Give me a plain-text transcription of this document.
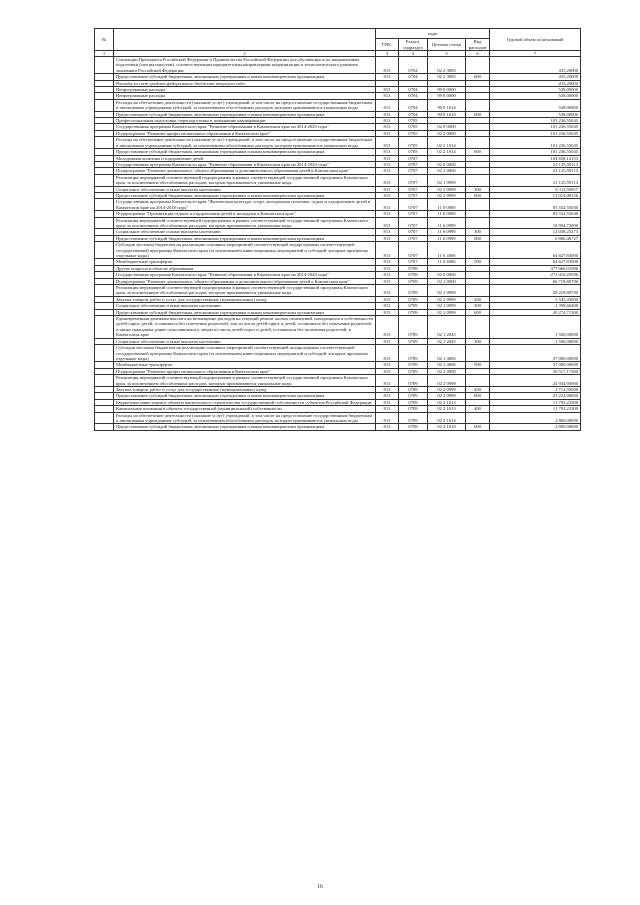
№		коды				Годовой объем ассигнований
		ГРБС	Раздел, подраздел	Целевая статья	Вид расходов	
1	2	3	4	5	6	7
	Стипендии Президента Российской Федерации и Правительства Российской Федерации для обучающихся по направлениям подготовки (специальностям), соответствующим приоритетным направлениям модернизации и технологического развития экономики Российской Федерации	813	0704	02 2 3893		435,20000
	Предоставление субсидий бюджетным, автономным учреждениям и иным некоммерческим организациям	813	0704	02 2 3893	600	435,20000
	Расходы за счет средств федерального бюджета текущего года					435,20000
	Непрограммные расходы	813	0704	99 0 0000		538,00000
	Непрограммные расходы	813	0704	99 0 0000		538,00000
	Расходы на обеспечение деятельности (оказание услуг) учреждений, в том числе на предоставление государственным бюджетным и автономным учреждениям субсидий, за исключением обособленных расходов, которым присваиваются уникальные коды	813	0704	99 0 1014		538,00000
	Предоставление субсидий бюджетным, автономным учреждениям и иным некоммерческим организациям	813	0704	99 0 1014	600	538,00000
	Профессиональная подготовка, переподготовка и повышение квалификации	813	0705			101 236,55045
	Государственная программа Камчатского края "Развитие образования в Камчатском крае на 2014-2020 годы"	813	0705	02 0 0000		101 236,55045
	Подпрограмма "Развитие профессионального образования в Камчатском крае"	813	0705	02 2 0000		101 236,55045
	Расходы на обеспечение деятельности (оказание услуг) учреждений, в том числе на предоставление государственным бюджетным и автономным учреждениям субсидий, за исключением обособленных расходов, которым присваиваются уникальные коды	813	0705	02 2 1014		101 236,55045
	Предоставление субсидий бюджетным, автономным учреждениям и иным некоммерческим организациям	813	0705	02 2 1014	600	101 236,55045
	Молодежная политика и оздоровление детей	813	0707			104 658,14153
	Государственная программа Камчатского края "Развитие образования в Камчатском крае на 2014-2020 годы"	813	0707	02 0 0000		21 125,59113
	Подпрограмма "Развитие дошкольного, общего образования и дополнительного образования детей в Камчатском крае"	813	0707	02 1 0000		21 125,59113
	Реализация мероприятий соответствующей подпрограммы в рамках соответствующей государственной программы Камчатского края, за исключением обособленных расходов, которым присваиваются уникальные коды	813	0707	02 1 0999		21 125,59113
	Социальное обеспечение и иные выплаты населению	813	0707	02 1 0999	300	8 111,50957
	Предоставление субсидий бюджетным, автономным учреждениям и иным некоммерческим организациям	813	0707	02 1 0999	600	13 014,08156
	Государственная программа Камчатского края "Физическая культура, спорт, молодежная политика, отдых и оздоровление детей в Камчатском крае на 2014-2018 годы"	813	0707	11 0 0000		83 532,55040
	Подпрограмма "Организация отдыха и оздоровления детей и молодежи в Камчатском крае"	813	0707	11 6 0000		83 532,55040
	Реализация мероприятий соответствующей подпрограммы в рамках соответствующей государственной программы Камчатского края, за исключением обособленных расходов, которым присваиваются уникальные коды	813	0707	11 6 0999		18 904,72000
	Социальное обеспечение и иные выплаты населению	813	0707	11 6 0999	300	12 038,25273
	Предоставление субсидий бюджетным, автономным учреждениям и иным некоммерческим организациям	813	0707	11 6 0999	600	6 866,46727
	Субсидии местным бюджетам на реализацию основных мероприятий соответствующей подпрограммы соответствующей государственной программы Камчатского края (за исключением инвестиционных мероприятий и субсидий, которым присвоены отдельные коды)	813	0707	11 6 4006		64 627,83000
	Межбюджетные трансферты	813	0707	11 6 4006	500	64 627,83000
	Другие вопросы в области образования	813	0709			377 066,01096
	Государственная программа Камчатского края "Развитие образования в Камчатском крае на 2014-2020 годы"	813	0709	02 0 0000		272 410,20596
	Подпрограмма "Развитие дошкольного, общего образования и дополнительного образования детей в Камчатском крае"	813	0709	02 1 0000		66 718,80700
	Реализация мероприятий соответствующей подпрограммы в рамках соответствующей государственной программы Камчатского края, за исключением обособленных расходов, которым присваиваются уникальные коды	813	0709	02 1 0999		28 218,80700
	Закупка товаров, работ и услуг для государственных (муниципальных) нужд	813	0709	02 1 0999	200	5 545,43000
	Социальное обеспечение и иные выплаты населению	813	0709	02 1 0999	300	2 398,66400
	Предоставление субсидий бюджетным, автономным учреждениям и иным некоммерческим организациям	813	0709	02 1 0999	600	20 274,71300
	Единовременная денежная выплата на возмещение расходов на текущий ремонт жилых помещений, находящихся в собственности детей-сирот, детей, оставшихся без попечения родителей, лиц из числа детей-сирот и детей, оставшихся без попечения родителей, а также гражданам, ранее относившимся к лицам из числа детей-сирот и детей, оставшихся без попечения родителей, в Камчатском крае	813	0709	02 1 2045		1 500,00000
	Социальное обеспечение и иные выплаты населению	813	0709	02 1 2045	300	1 500,00000
	Субсидии местным бюджетам на реализацию основных мероприятий соответствующей подпрограммы соответствующей государственной программы Камчатского края (за исключением инвестиционных мероприятий и субсидий, которым присвоены отдельные коды)	813	0709	02 1 4006		37 000,00000
	Межбюджетные трансферты	813	0709	02 1 4006	500	37 000,00000
	Подпрограмма "Развитие профессионального образования в Камчатском крае"	813	0709	02 2 0000		39 517,17300
	Реализация мероприятий соответствующей подпрограммы в рамках соответствующей государственной программы Камчатского края, за исключением обособленных расходов, которым присваиваются уникальные коды	813	0709	02 2 0999		24 934,95000
	Закупка товаров, работ и услуг для государственных (муниципальных) нужд	813	0709	02 2 0999	200	1 712,95000
	Предоставление субсидий бюджетным, автономным учреждениям и иным некоммерческим организациям	813	0709	02 2 0999	600	23 222,00000
	Бюджетные инвестиции в объекты капитального строительства государственной собственности субъектов Российской Федерации	813	0709	02 2 1013		11 792,22300
	Капитальные вложения в объекты государственной (муниципальной) собственности	813	0709	02 2 1013	400	11 792,22300
	Расходы на обеспечение деятельности (оказание услуг) учреждений, в том числе на предоставление государственным бюджетным и автономным учреждениям субсидий, за исключением обособленных расходов, которым присваиваются уникальные коды	813	0709	02 2 1014		2 800,00000
	Предоставление субсидий бюджетным, автономным учреждениям и иным некоммерческим организациям	813	0709	02 2 1014	600	2 800,00000
16
